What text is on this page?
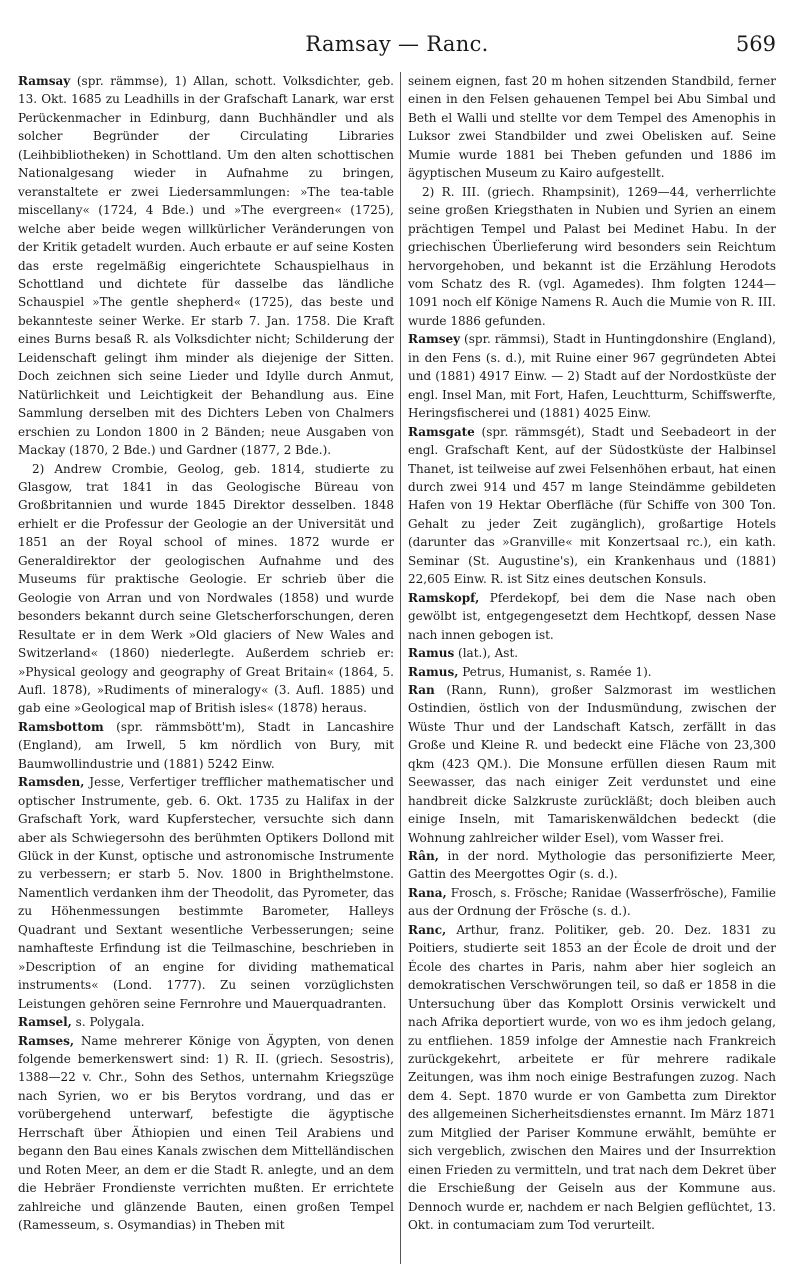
Ramsay — Ranc.	569

Ramsay (spr. rämmse), 1) Allan, schott. Volksdichter, geb. 13. Okt. 1685 zu Leadhills in der Grafschaft Lanark, war erst Perückenmacher in Edinburg, dann Buchhändler und als solcher Begründer der Circulating Libraries (Leihbibliotheken) in Schottland. Um den alten schottischen Nationalgesang wieder in Aufnahme zu bringen, veranstaltete er zwei Liedersammlungen: »The tea-table miscellany« (1724, 4 Bde.) und »The evergreen« (1725), welche aber beide wegen willkürlicher Veränderungen von der Kritik getadelt wurden. Auch erbaute er auf seine Kosten das erste regelmäßig eingerichtete Schauspielhaus in Schottland und dichtete für dasselbe das ländliche Schauspiel »The gentle shepherd« (1725), das beste und bekannteste seiner Werke. Er starb 7. Jan. 1758. Die Kraft eines Burns besaß R. als Volksdichter nicht; Schilderung der Leidenschaft gelingt ihm minder als diejenige der Sitten. Doch zeichnen sich seine Lieder und Idylle durch Anmut, Natürlichkeit und Leichtigkeit der Behandlung aus. Eine Sammlung derselben mit des Dichters Leben von Chalmers erschien zu London 1800 in 2 Bänden; neue Ausgaben von Mackay (1870, 2 Bde.) und Gardner (1877, 2 Bde.).

2) Andrew Crombie, Geolog, geb. 1814, studierte zu Glasgow, trat 1841 in das Geologische Büreau von Großbritannien und wurde 1845 Direktor desselben. 1848 erhielt er die Professur der Geologie an der Universität und 1851 an der Royal school of mines. 1872 wurde er Generaldirektor der geologischen Aufnahme und des Museums für praktische Geologie. Er schrieb über die Geologie von Arran und von Nordwales (1858) und wurde besonders bekannt durch seine Gletscherforschungen, deren Resultate er in dem Werk »Old glaciers of New Wales and Switzerland« (1860) niederlegte. Außerdem schrieb er: »Physical geology and geography of Great Britain« (1864, 5. Aufl. 1878), »Rudiments of mineralogy« (3. Aufl. 1885) und gab eine »Geological map of British isles« (1878) heraus.

Ramsbottom (spr. rämmsbött'm), Stadt in Lancashire (England), am Irwell, 5 km nördlich von Bury, mit Baumwollindustrie und (1881) 5242 Einw.

Ramsden, Jesse, Verfertiger trefflicher mathematischer und optischer Instrumente, geb. 6. Okt. 1735 zu Halifax in der Grafschaft York, ward Kupferstecher, versuchte sich dann aber als Schwiegersohn des berühmten Optikers Dollond mit Glück in der Kunst, optische und astronomische Instrumente zu verbessern; er starb 5. Nov. 1800 in Brighthelmstone. Namentlich verdanken ihm der Theodolit, das Pyrometer, das zu Höhenmessungen bestimmte Barometer, Halleys Quadrant und Sextant wesentliche Verbesserungen; seine namhafteste Erfindung ist die Teilmaschine, beschrieben in »Description of an engine for dividing mathematical instruments« (Lond. 1777). Zu seinen vorzüglichsten Leistungen gehören seine Fernrohre und Mauerquadranten.

Ramsel, s. Polygala.

Ramses, Name mehrerer Könige von Ägypten, von denen folgende bemerkenswert sind: 1) R. II. (griech. Sesostris), 1388—22 v. Chr., Sohn des Sethos, unternahm Kriegszüge nach Syrien, wo er bis Berytos vordrang, und das er vorübergehend unterwarf, befestigte die ägyptische Herrschaft über Äthiopien und einen Teil Arabiens und begann den Bau eines Kanals zwischen dem Mittelländischen und Roten Meer, an dem er die Stadt R. anlegte, und an dem die Hebräer Frondienste verrichten mußten. Er errichtete zahlreiche und glänzende Bauten, einen großen Tempel (Ramesseum, s. Osymandias) in Theben mit

seinem eignen, fast 20 m hohen sitzenden Standbild, ferner einen in den Felsen gehauenen Tempel bei Abu Simbal und Beth el Walli und stellte vor dem Tempel des Amenophis in Luksor zwei Standbilder und zwei Obelisken auf. Seine Mumie wurde 1881 bei Theben gefunden und 1886 im ägyptischen Museum zu Kairo aufgestellt.

2) R. III. (griech. Rhampsinit), 1269—44, verherrlichte seine großen Kriegsthaten in Nubien und Syrien an einem prächtigen Tempel und Palast bei Medinet Habu. In der griechischen Überlieferung wird besonders sein Reichtum hervorgehoben, und bekannt ist die Erzählung Herodots vom Schatz des R. (vgl. Agamedes). Ihm folgten 1244—1091 noch elf Könige Namens R. Auch die Mumie von R. III. wurde 1886 gefunden.

Ramsey (spr. rämmsi), Stadt in Huntingdonshire (England), in den Fens (s. d.), mit Ruine einer 967 gegründeten Abtei und (1881) 4917 Einw. — 2) Stadt auf der Nordostküste der engl. Insel Man, mit Fort, Hafen, Leuchtturm, Schiffswerfte, Heringsfischerei und (1881) 4025 Einw.

Ramsgate (spr. rämmsgét), Stadt und Seebadeort in der engl. Grafschaft Kent, auf der Südostküste der Halbinsel Thanet, ist teilweise auf zwei Felsenhöhen erbaut, hat einen durch zwei 914 und 457 m lange Steindämme gebildeten Hafen von 19 Hektar Oberfläche (für Schiffe von 300 Ton. Gehalt zu jeder Zeit zugänglich), großartige Hotels (darunter das »Granville« mit Konzertsaal rc.), ein kath. Seminar (St. Augustine's), ein Krankenhaus und (1881) 22,605 Einw. R. ist Sitz eines deutschen Konsuls.

Ramskopf, Pferdekopf, bei dem die Nase nach oben gewölbt ist, entgegengesetzt dem Hechtkopf, dessen Nase nach innen gebogen ist.

Ramus (lat.), Ast.

Ramus, Petrus, Humanist, s. Ramée 1).

Ran (Rann, Runn), großer Salzmorast im westlichen Ostindien, östlich von der Indusmündung, zwischen der Wüste Thur und der Landschaft Katsch, zerfällt in das Große und Kleine R. und bedeckt eine Fläche von 23,300 qkm (423 QM.). Die Monsune erfüllen diesen Raum mit Seewasser, das nach einiger Zeit verdunstet und eine handbreit dicke Salzkruste zurückläßt; doch bleiben auch einige Inseln, mit Tamariskenwäldchen bedeckt (die Wohnung zahlreicher wilder Esel), vom Wasser frei.

Rân, in der nord. Mythologie das personifizierte Meer, Gattin des Meergottes Ogir (s. d.).

Rana, Frosch, s. Frösche; Ranidae (Wasserfrösche), Familie aus der Ordnung der Frösche (s. d.).

Ranc, Arthur, franz. Politiker, geb. 20. Dez. 1831 zu Poitiers, studierte seit 1853 an der École de droit und der École des chartes in Paris, nahm aber hier sogleich an demokratischen Verschwörungen teil, so daß er 1858 in die Untersuchung über das Komplott Orsinis verwickelt und nach Afrika deportiert wurde, von wo es ihm jedoch gelang, zu entfliehen. 1859 infolge der Amnestie nach Frankreich zurückgekehrt, arbeitete er für mehrere radikale Zeitungen, was ihm noch einige Bestrafungen zuzog. Nach dem 4. Sept. 1870 wurde er von Gambetta zum Direktor des allgemeinen Sicherheitsdienstes ernannt. Im März 1871 zum Mitglied der Pariser Kommune erwählt, bemühte er sich vergeblich, zwischen den Maires und der Insurrektion einen Frieden zu vermitteln, und trat nach dem Dekret über die Erschießung der Geiseln aus der Kommune aus. Dennoch wurde er, nachdem er nach Belgien geflüchtet, 13. Okt. in contumaciam zum Tod verurteilt.
